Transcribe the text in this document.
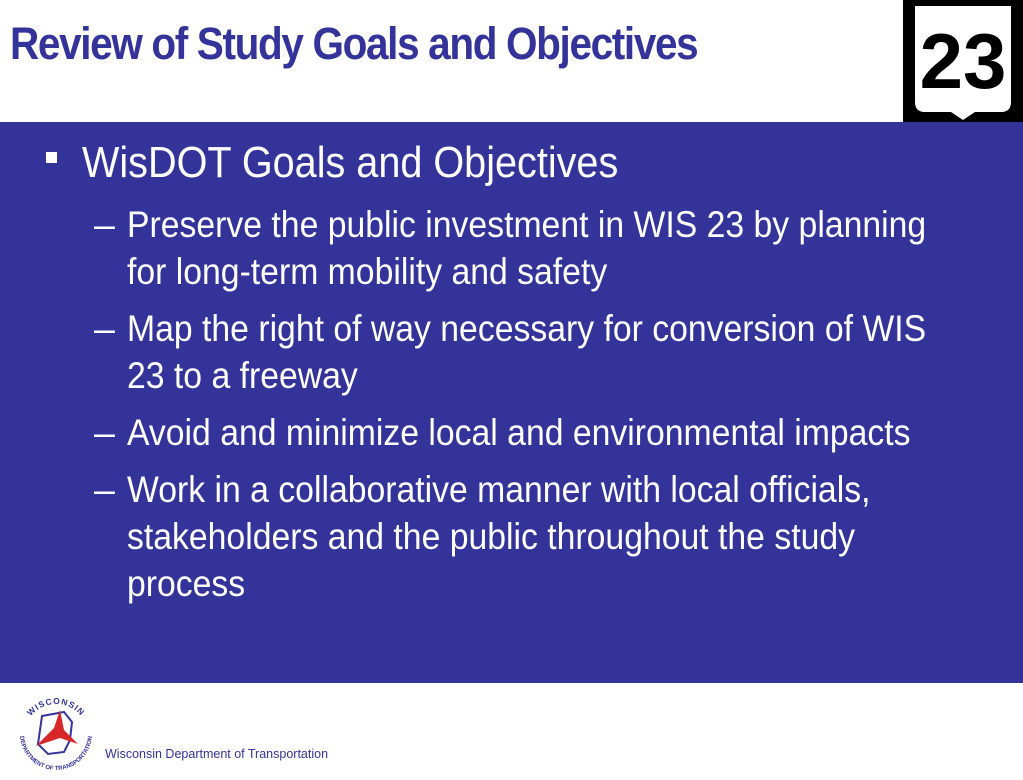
Review of Study Goals and Objectives	23
WisDOT Goals and Objectives
– Preserve the public investment in WIS 23 by planning
for long-term mobility and safety
– Map the right of way necessary for conversion of WIS
23 to a freeway
– Avoid and minimize local and environmental impacts
– Work in a collaborative manner with local officials,
stakeholders and the public throughout the study
process
WISCONSIN
DEPARTMENT OF TRANSPORTATION
Wisconsin Department of Transportation
